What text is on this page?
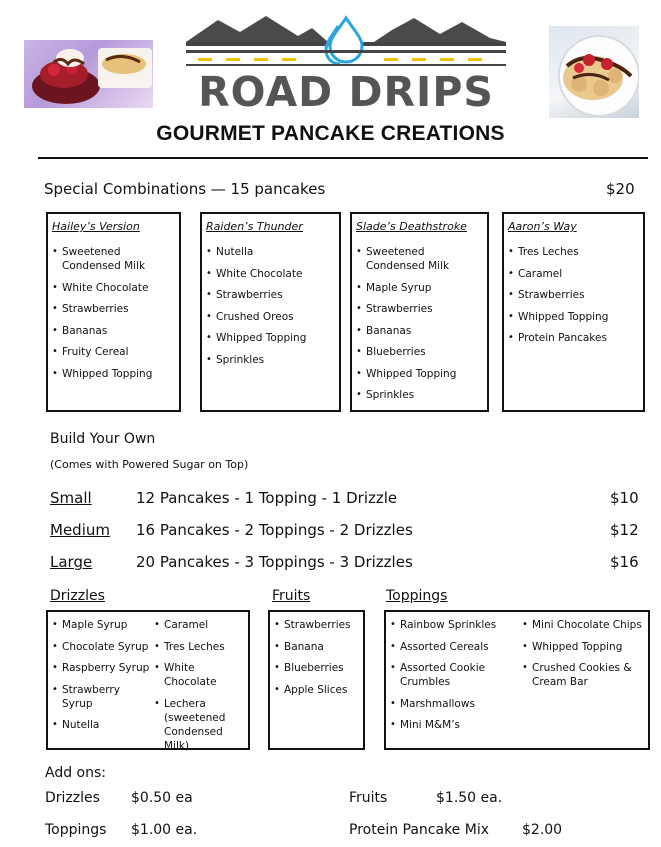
ROAD DRIPS
GOURMET PANCAKE CREATIONS
Special Combinations — 15 pancakes	$20
Hailey’s Version
• Sweetened Condensed Milk
• White Chocolate
• Strawberries
• Bananas
• Fruity Cereal
• Whipped Topping
Raiden’s Thunder
• Nutella
• White Chocolate
• Strawberries
• Crushed Oreos
• Whipped Topping
• Sprinkles
Slade’s Deathstroke
• Sweetened Condensed Milk
• Maple Syrup
• Strawberries
• Bananas
• Blueberries
• Whipped Topping
• Sprinkles
Aaron’s Way
• Tres Leches
• Caramel
• Strawberries
• Whipped Topping
• Protein Pancakes
Build Your Own
(Comes with Powered Sugar on Top)
Small	12 Pancakes - 1 Topping - 1 Drizzle	$10
Medium 16 Pancakes - 2 Toppings - 2 Drizzles	$12
Large	20 Pancakes - 3 Toppings - 3 Drizzles	$16
Drizzles	Fruits	Toppings
• Maple Syrup
• Chocolate Syrup
• Raspberry Syrup
• Strawberry Syrup
• Nutella
• Caramel
• Tres Leches
• White Chocolate
• Lechera (sweetened Condensed Milk)
• Strawberries
• Banana
• Blueberries
• Apple Slices
• Rainbow Sprinkles
• Assorted Cereals
• Assorted Cookie Crumbles
• Marshmallows
• Mini M&M’s
• Mini Chocolate Chips
• Whipped Topping
• Crushed Cookies & Cream Bar
Add ons:
Drizzles $0.50 ea	Fruits	$1.50 ea.
Toppings $1.00 ea.	Protein Pancake Mix $2.00
